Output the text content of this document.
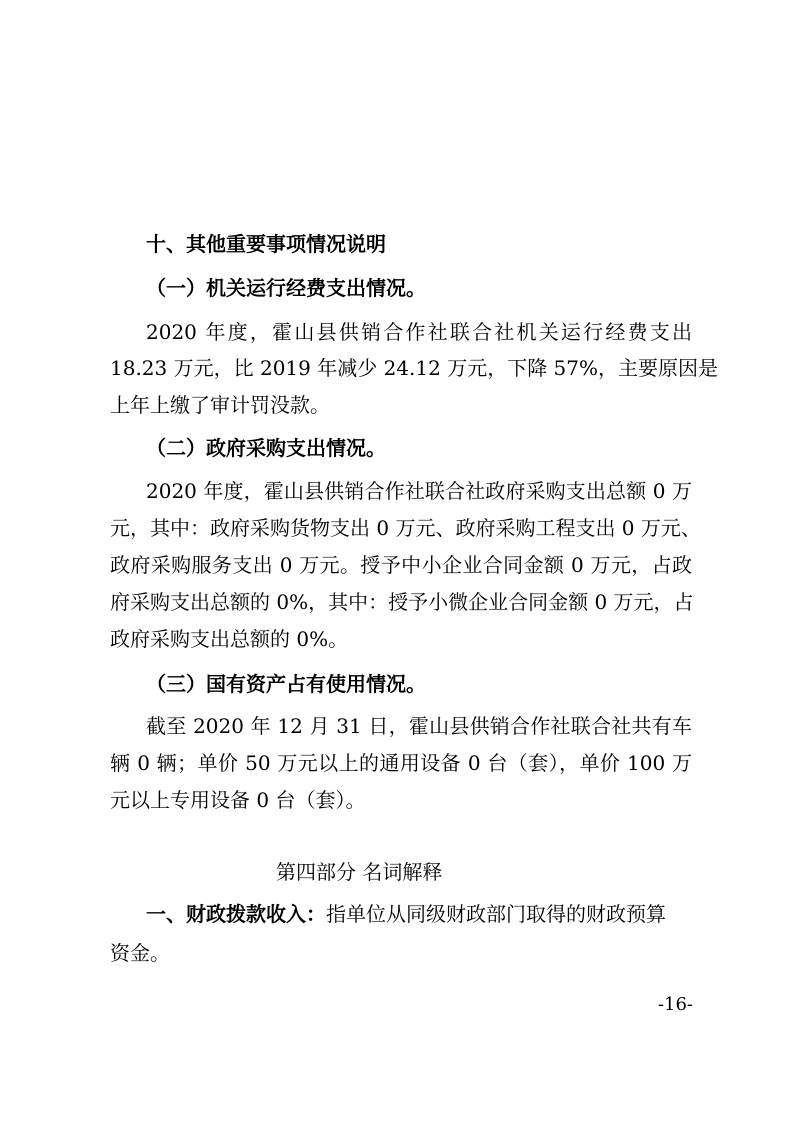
十、其他重要事项情况说明
（一）机关运行经费支出情况。
2020 年度，霍山县供销合作社联合社机关运行经费支出
18.23 万元，比 2019 年减少 24.12 万元，下降 57%，主要原因是
上年上缴了审计罚没款。
（二）政府采购支出情况。
2020 年度，霍山县供销合作社联合社政府采购支出总额 0 万
元，其中：政府采购货物支出 0 万元、政府采购工程支出 0 万元、
政府采购服务支出 0 万元。授予中小企业合同金额 0 万元，占政
府采购支出总额的 0%，其中：授予小微企业合同金额 0 万元，占
政府采购支出总额的 0%。
（三）国有资产占有使用情况。
截至 2020 年 12 月 31 日，霍山县供销合作社联合社共有车
辆 0 辆；单价 50 万元以上的通用设备 0 台（套），单价 100 万
元以上专用设备 0 台（套）。
第四部分 名词解释
一、财政拨款收入：指单位从同级财政部门取得的财政预算
资金。
-16-
